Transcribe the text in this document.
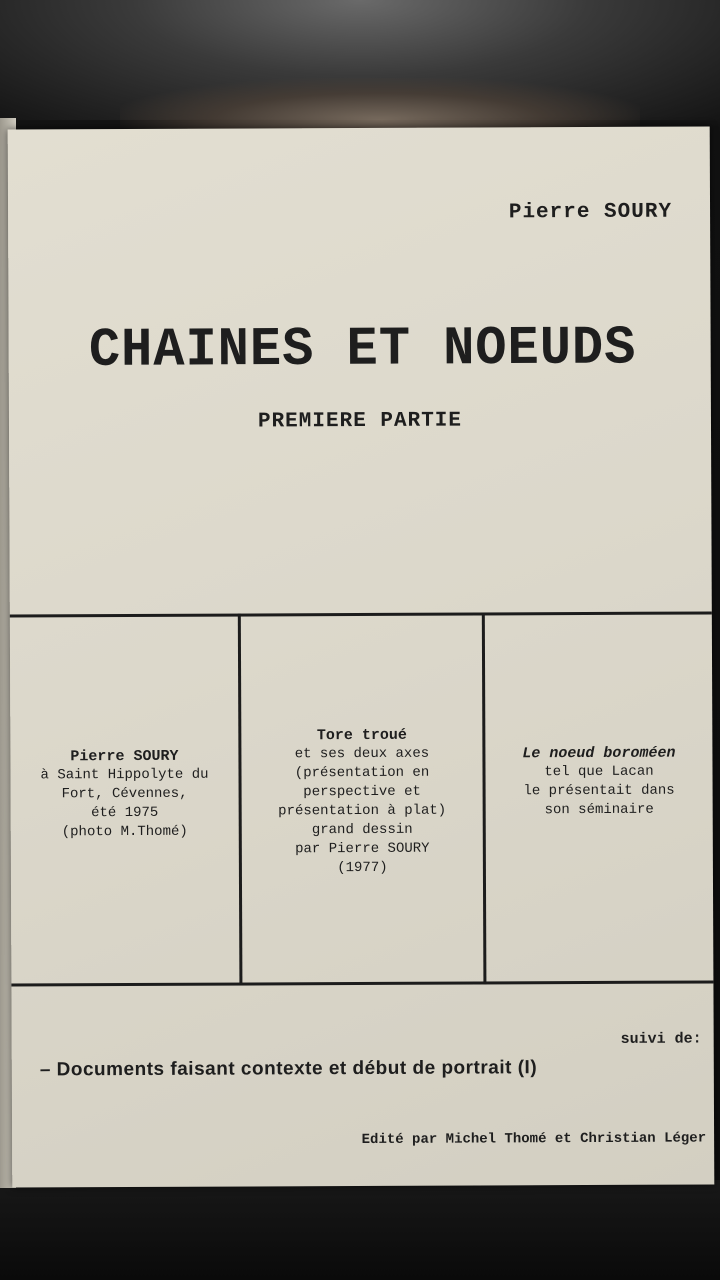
Pierre SOURY
CHAINES ET NOEUDS
PREMIERE PARTIE
Pierre SOURY
à Saint Hippolyte du
Fort, Cévennes,
été 1975
(photo M.Thomé)
Tore troué
et ses deux axes
(présentation en
perspective et
présentation à plat)
grand dessin
par Pierre SOURY
(1977)
Le noeud boroméen
tel que Lacan
le présentait dans
son séminaire
suivi de:
– Documents faisant contexte et début de portrait (I)
Edité par Michel Thomé et Christian Léger
